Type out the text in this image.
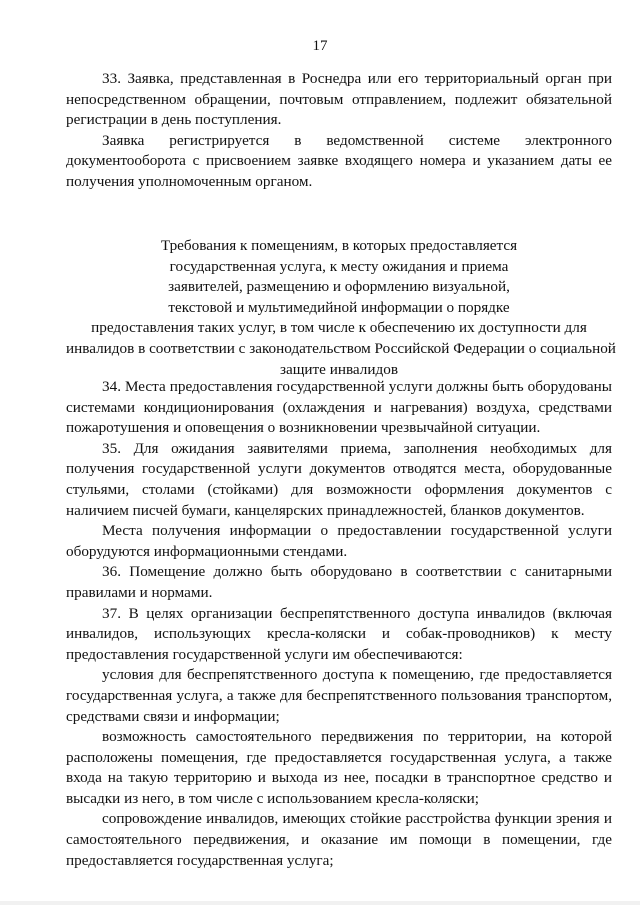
17

33. Заявка, представленная в Роснедра или его территориальный орган при непосредственном обращении, почтовым отправлением, подлежит обязательной регистрации в день поступления.

Заявка регистрируется в ведомственной системе электронного документооборота с присвоением заявке входящего номера и указанием даты ее получения уполномоченным органом.

Требования к помещениям, в которых предоставляется
государственная услуга, к месту ожидания и приема
заявителей, размещению и оформлению визуальной,
текстовой и мультимедийной информации о порядке
предоставления таких услуг, в том числе к обеспечению их доступности для
инвалидов в соответствии с законодательством Российской Федерации о социальной
защите инвалидов

34. Места предоставления государственной услуги должны быть оборудованы системами кондиционирования (охлаждения и нагревания) воздуха, средствами пожаротушения и оповещения о возникновении чрезвычайной ситуации.

35. Для ожидания заявителями приема, заполнения необходимых для получения государственной услуги документов отводятся места, оборудованные стульями, столами (стойками) для возможности оформления документов с наличием писчей бумаги, канцелярских принадлежностей, бланков документов.

Места получения информации о предоставлении государственной услуги оборудуются информационными стендами.

36. Помещение должно быть оборудовано в соответствии с санитарными правилами и нормами.

37. В целях организации беспрепятственного доступа инвалидов (включая инвалидов, использующих кресла-коляски и собак-проводников) к месту предоставления государственной услуги им обеспечиваются:

условия для беспрепятственного доступа к помещению, где предоставляется государственная услуга, а также для беспрепятственного пользования транспортом, средствами связи и информации;

возможность самостоятельного передвижения по территории, на которой расположены помещения, где предоставляется государственная услуга, а также входа на такую территорию и выхода из нее, посадки в транспортное средство и высадки из него, в том числе с использованием кресла-коляски;

сопровождение инвалидов, имеющих стойкие расстройства функции зрения и самостоятельного передвижения, и оказание им помощи в помещении, где предоставляется государственная услуга;
